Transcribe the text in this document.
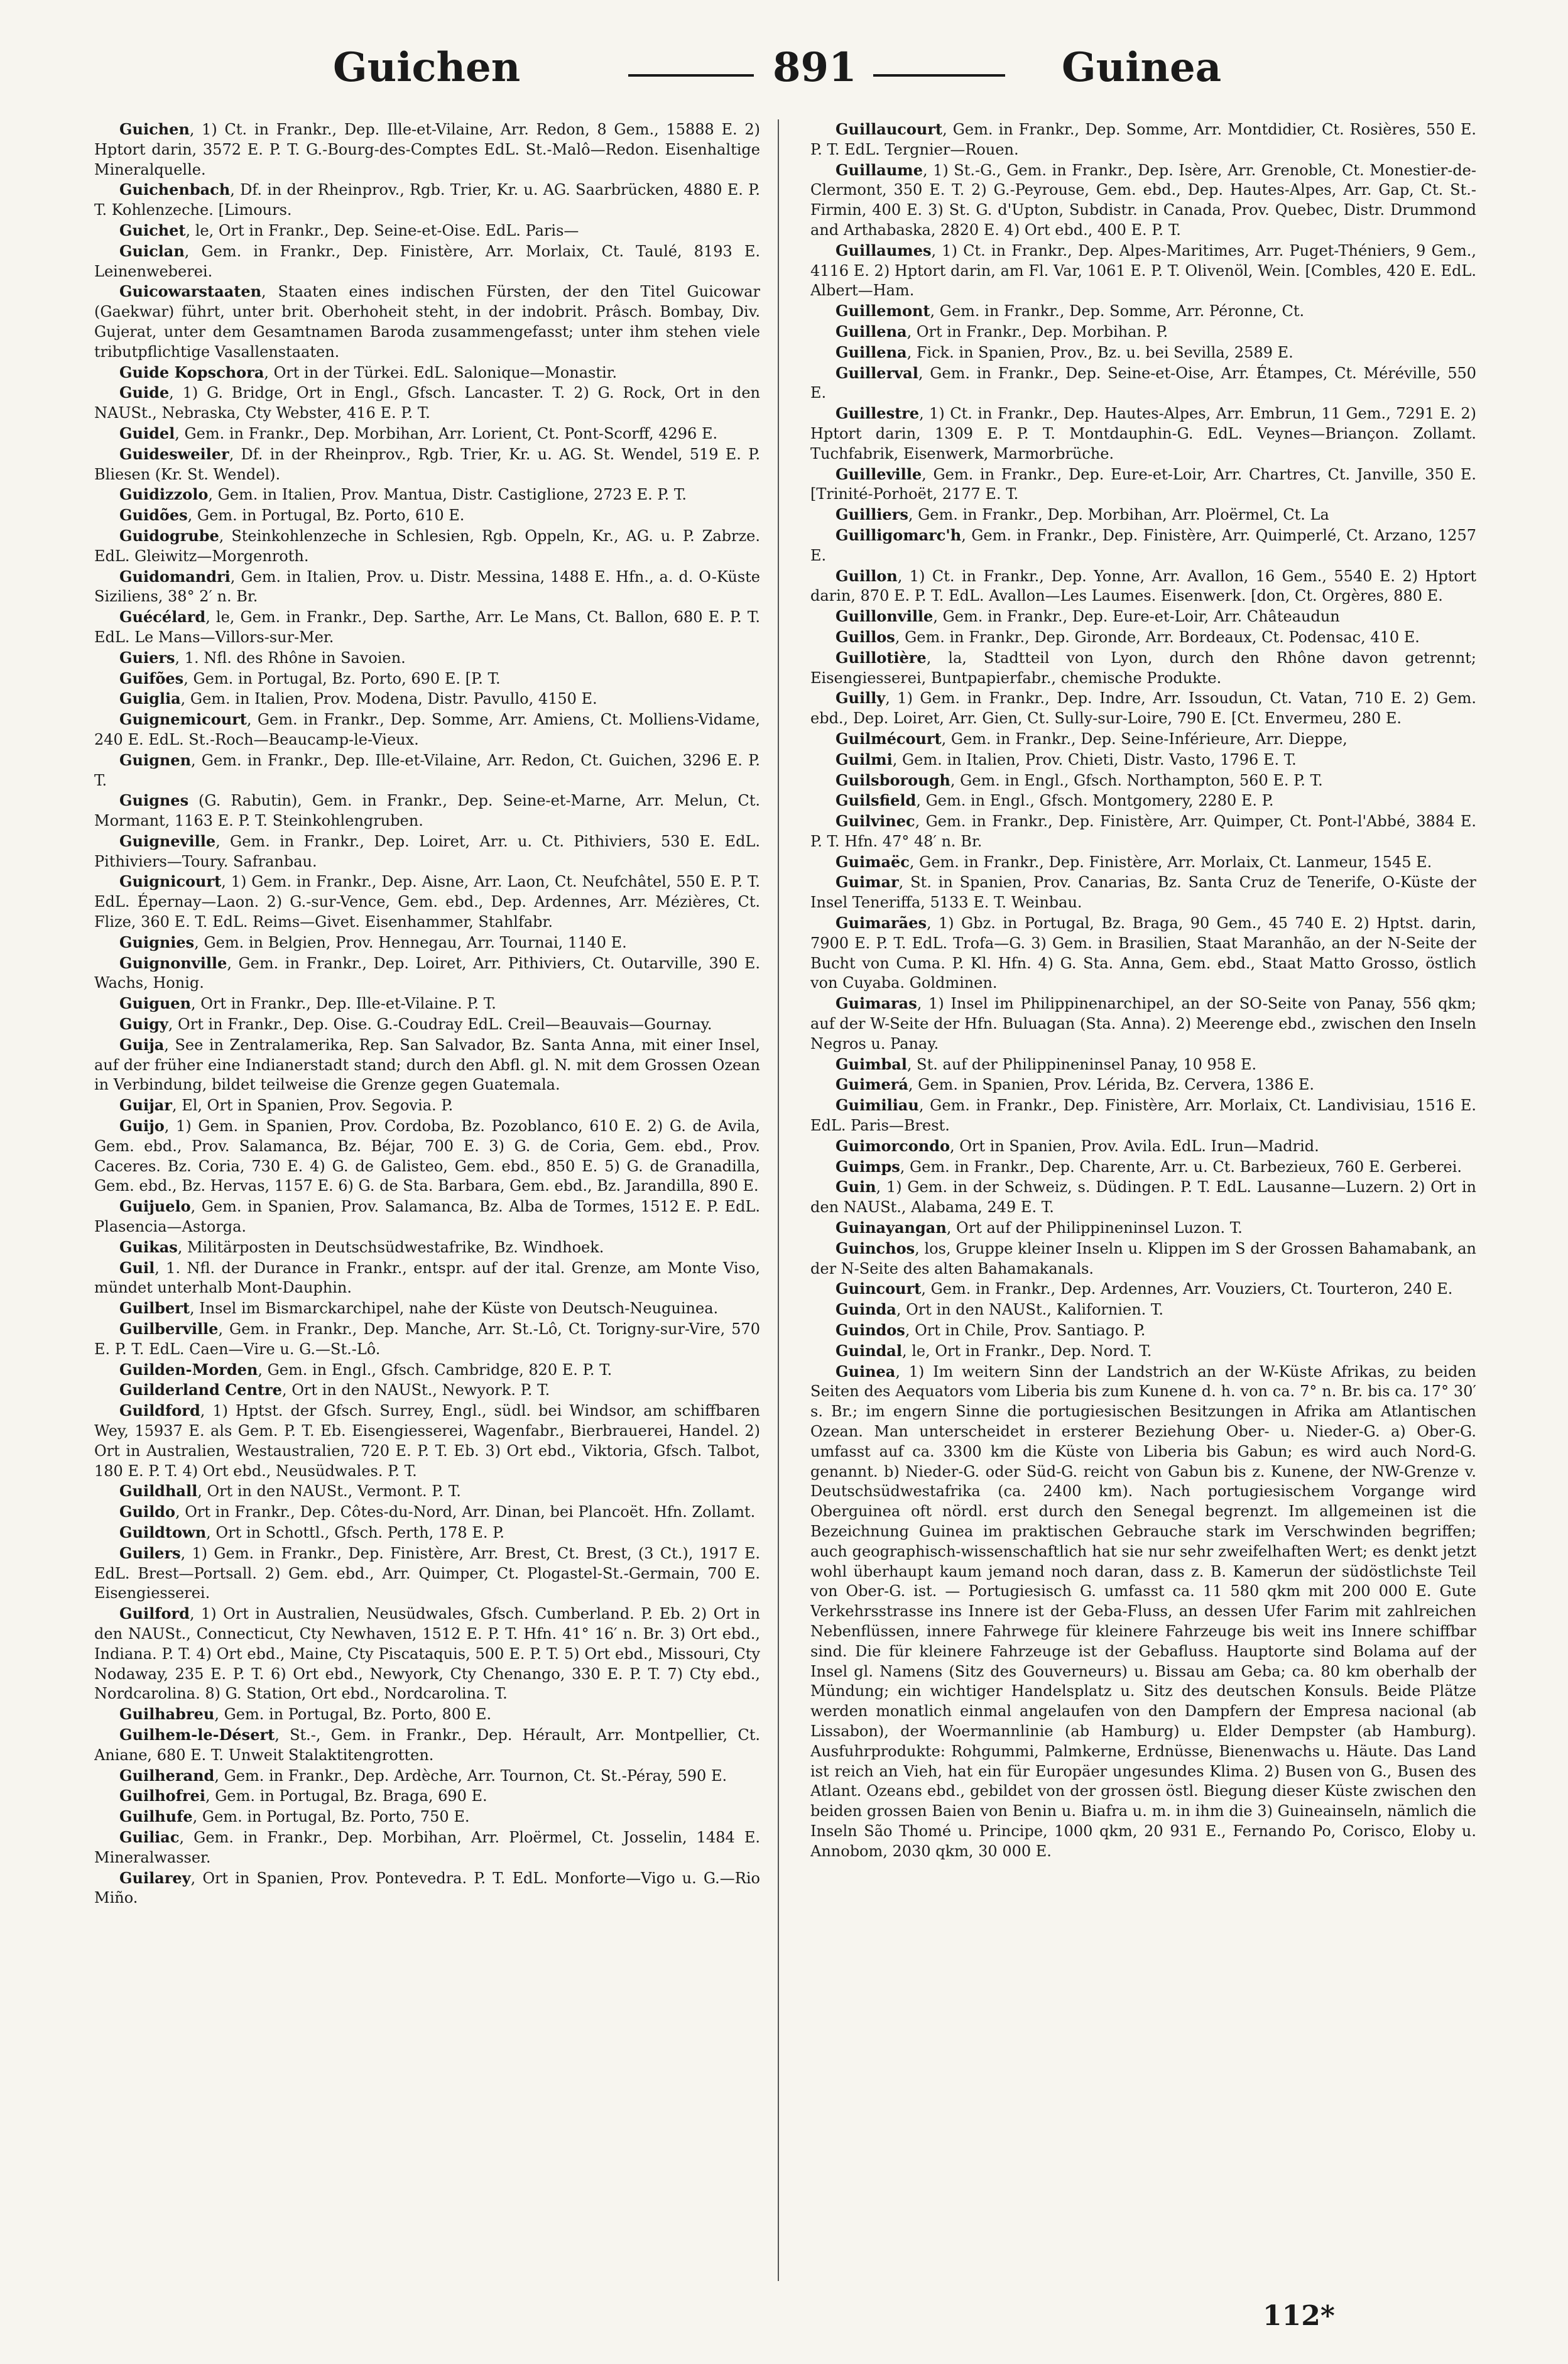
Guichen	891	Guinea

Guichen, 1) Ct. in Frankr., Dep. Ille-et-Vilaine, Arr. Redon, 8 Gem., 15888 E. 2) Hptort darin, 3572 E. P. T. G.-Bourg-des-Comptes EdL. St.-Malô—Redon. Eisenhaltige Mineralquelle.

Guichenbach, Df. in der Rheinprov., Rgb. Trier, Kr. u. AG. Saarbrücken, 4880 E. P. T. Kohlenzeche. [Limours.

Guichet, le, Ort in Frankr., Dep. Seine-et-Oise. EdL. Paris—

Guiclan, Gem. in Frankr., Dep. Finistère, Arr. Morlaix, Ct. Taulé, 8193 E. Leinenweberei.

Guicowarstaaten, Staaten eines indischen Fürsten, der den Titel Guicowar (Gaekwar) führt, unter brit. Oberhoheit steht, in der indobrit. Prâsch. Bombay, Div. Gujerat, unter dem Gesamtnamen Baroda zusammengefasst; unter ihm stehen viele tributpflichtige Vasallenstaaten.

Guide Kopschora, Ort in der Türkei. EdL. Salonique—Monastir.

Guide, 1) G. Bridge, Ort in Engl., Gfsch. Lancaster. T. 2) G. Rock, Ort in den NAUSt., Nebraska, Cty Webster, 416 E. P. T.

Guidel, Gem. in Frankr., Dep. Morbihan, Arr. Lorient, Ct. Pont-Scorff, 4296 E.

Guidesweiler, Df. in der Rheinprov., Rgb. Trier, Kr. u. AG. St. Wendel, 519 E. P. Bliesen (Kr. St. Wendel).

Guidizzolo, Gem. in Italien, Prov. Mantua, Distr. Castiglione, 2723 E. P. T.

Guidões, Gem. in Portugal, Bz. Porto, 610 E.

Guidogrube, Steinkohlenzeche in Schlesien, Rgb. Oppeln, Kr., AG. u. P. Zabrze. EdL. Gleiwitz—Morgenroth.

Guidomandri, Gem. in Italien, Prov. u. Distr. Messina, 1488 E. Hfn., a. d. O-Küste Siziliens, 38° 2′ n. Br.

Guécélard, le, Gem. in Frankr., Dep. Sarthe, Arr. Le Mans, Ct. Ballon, 680 E. P. T. EdL. Le Mans—Villors-sur-Mer.

Guiers, 1. Nfl. des Rhône in Savoien.

Guifões, Gem. in Portugal, Bz. Porto, 690 E. [P. T.

Guiglia, Gem. in Italien, Prov. Modena, Distr. Pavullo, 4150 E.

Guignemicourt, Gem. in Frankr., Dep. Somme, Arr. Amiens, Ct. Molliens-Vidame, 240 E. EdL. St.-Roch—Beaucamp-le-Vieux.

Guignen, Gem. in Frankr., Dep. Ille-et-Vilaine, Arr. Redon, Ct. Guichen, 3296 E. P. T.

Guignes (G. Rabutin), Gem. in Frankr., Dep. Seine-et-Marne, Arr. Melun, Ct. Mormant, 1163 E. P. T. Steinkohlengruben.

Guigneville, Gem. in Frankr., Dep. Loiret, Arr. u. Ct. Pithiviers, 530 E. EdL. Pithiviers—Toury. Safranbau.

Guignicourt, 1) Gem. in Frankr., Dep. Aisne, Arr. Laon, Ct. Neufchâtel, 550 E. P. T. EdL. Épernay—Laon. 2) G.-sur-Vence, Gem. ebd., Dep. Ardennes, Arr. Mézières, Ct. Flize, 360 E. T. EdL. Reims—Givet. Eisenhammer, Stahlfabr.

Guignies, Gem. in Belgien, Prov. Hennegau, Arr. Tournai, 1140 E.

Guignonville, Gem. in Frankr., Dep. Loiret, Arr. Pithiviers, Ct. Outarville, 390 E. Wachs, Honig.

Guiguen, Ort in Frankr., Dep. Ille-et-Vilaine. P. T.

Guigy, Ort in Frankr., Dep. Oise. G.-Coudray EdL. Creil—Beauvais—Gournay.

Guija, See in Zentralamerika, Rep. San Salvador, Bz. Santa Anna, mit einer Insel, auf der früher eine Indianerstadt stand; durch den Abfl. gl. N. mit dem Grossen Ozean in Verbindung, bildet teilweise die Grenze gegen Guatemala.

Guijar, El, Ort in Spanien, Prov. Segovia. P.

Guijo, 1) Gem. in Spanien, Prov. Cordoba, Bz. Pozoblanco, 610 E. 2) G. de Avila, Gem. ebd., Prov. Salamanca, Bz. Béjar, 700 E. 3) G. de Coria, Gem. ebd., Prov. Caceres. Bz. Coria, 730 E. 4) G. de Galisteo, Gem. ebd., 850 E. 5) G. de Granadilla, Gem. ebd., Bz. Hervas, 1157 E. 6) G. de Sta. Barbara, Gem. ebd., Bz. Jarandilla, 890 E.

Guijuelo, Gem. in Spanien, Prov. Salamanca, Bz. Alba de Tormes, 1512 E. P. EdL. Plasencia—Astorga.

Guikas, Militärposten in Deutschsüdwestafrike, Bz. Windhoek.

Guil, 1. Nfl. der Durance in Frankr., entspr. auf der ital. Grenze, am Monte Viso, mündet unterhalb Mont-Dauphin.

Guilbert, Insel im Bismarckarchipel, nahe der Küste von Deutsch-Neuguinea.

Guilberville, Gem. in Frankr., Dep. Manche, Arr. St.-Lô, Ct. Torigny-sur-Vire, 570 E. P. T. EdL. Caen—Vire u. G.—St.-Lô.

Guilden-Morden, Gem. in Engl., Gfsch. Cambridge, 820 E. P. T.

Guilderland Centre, Ort in den NAUSt., Newyork. P. T.

Guildford, 1) Hptst. der Gfsch. Surrey, Engl., südl. bei Windsor, am schiffbaren Wey, 15937 E. als Gem. P. T. Eb. Eisengiesserei, Wagenfabr., Bierbrauerei, Handel. 2) Ort in Australien, Westaustralien, 720 E. P. T. Eb. 3) Ort ebd., Viktoria, Gfsch. Talbot, 180 E. P. T. 4) Ort ebd., Neusüdwales. P. T.

Guildhall, Ort in den NAUSt., Vermont. P. T.

Guildo, Ort in Frankr., Dep. Côtes-du-Nord, Arr. Dinan, bei Plancoët. Hfn. Zollamt.

Guildtown, Ort in Schottl., Gfsch. Perth, 178 E. P.

Guilers, 1) Gem. in Frankr., Dep. Finistère, Arr. Brest, Ct. Brest, (3 Ct.), 1917 E. EdL. Brest—Portsall. 2) Gem. ebd., Arr. Quimper, Ct. Plogastel-St.-Germain, 700 E. Eisengiesserei.

Guilford, 1) Ort in Australien, Neusüdwales, Gfsch. Cumberland. P. Eb. 2) Ort in den NAUSt., Connecticut, Cty Newhaven, 1512 E. P. T. Hfn. 41° 16′ n. Br. 3) Ort ebd., Indiana. P. T. 4) Ort ebd., Maine, Cty Piscataquis, 500 E. P. T. 5) Ort ebd., Missouri, Cty Nodaway, 235 E. P. T. 6) Ort ebd., Newyork, Cty Chenango, 330 E. P. T. 7) Cty ebd., Nordcarolina. 8) G. Station, Ort ebd., Nordcarolina. T.

Guilhabreu, Gem. in Portugal, Bz. Porto, 800 E.

Guilhem-le-Désert, St.-, Gem. in Frankr., Dep. Hérault, Arr. Montpellier, Ct. Aniane, 680 E. T. Unweit Stalaktitengrotten.

Guilherand, Gem. in Frankr., Dep. Ardèche, Arr. Tournon, Ct. St.-Péray, 590 E.

Guilhofrei, Gem. in Portugal, Bz. Braga, 690 E.

Guilhufe, Gem. in Portugal, Bz. Porto, 750 E.

Guiliac, Gem. in Frankr., Dep. Morbihan, Arr. Ploërmel, Ct. Josselin, 1484 E. Mineralwasser.

Guilarey, Ort in Spanien, Prov. Pontevedra. P. T. EdL. Monforte—Vigo u. G.—Rio Miño.

Guillaucourt, Gem. in Frankr., Dep. Somme, Arr. Montdidier, Ct. Rosières, 550 E. P. T. EdL. Tergnier—Rouen.

Guillaume, 1) St.-G., Gem. in Frankr., Dep. Isère, Arr. Grenoble, Ct. Monestier-de-Clermont, 350 E. T. 2) G.-Peyrouse, Gem. ebd., Dep. Hautes-Alpes, Arr. Gap, Ct. St.-Firmin, 400 E. 3) St. G. d'Upton, Subdistr. in Canada, Prov. Quebec, Distr. Drummond and Arthabaska, 2820 E. 4) Ort ebd., 400 E. P. T.

Guillaumes, 1) Ct. in Frankr., Dep. Alpes-Maritimes, Arr. Puget-Théniers, 9 Gem., 4116 E. 2) Hptort darin, am Fl. Var, 1061 E. P. T. Olivenöl, Wein. [Combles, 420 E. EdL. Albert—Ham.

Guillemont, Gem. in Frankr., Dep. Somme, Arr. Péronne, Ct.

Guillena, Ort in Frankr., Dep. Morbihan. P.

Guillena, Fick. in Spanien, Prov., Bz. u. bei Sevilla, 2589 E.

Guillerval, Gem. in Frankr., Dep. Seine-et-Oise, Arr. Étampes, Ct. Méréville, 550 E.

Guillestre, 1) Ct. in Frankr., Dep. Hautes-Alpes, Arr. Embrun, 11 Gem., 7291 E. 2) Hptort darin, 1309 E. P. T. Montdauphin-G. EdL. Veynes—Briançon. Zollamt. Tuchfabrik, Eisenwerk, Marmorbrüche.

Guilleville, Gem. in Frankr., Dep. Eure-et-Loir, Arr. Chartres, Ct. Janville, 350 E. [Trinité-Porhoët, 2177 E. T.

Guilliers, Gem. in Frankr., Dep. Morbihan, Arr. Ploërmel, Ct. La

Guilligomarc'h, Gem. in Frankr., Dep. Finistère, Arr. Quimperlé, Ct. Arzano, 1257 E.

Guillon, 1) Ct. in Frankr., Dep. Yonne, Arr. Avallon, 16 Gem., 5540 E. 2) Hptort darin, 870 E. P. T. EdL. Avallon—Les Laumes. Eisenwerk. [don, Ct. Orgères, 880 E.

Guillonville, Gem. in Frankr., Dep. Eure-et-Loir, Arr. Châteaudun

Guillos, Gem. in Frankr., Dep. Gironde, Arr. Bordeaux, Ct. Podensac, 410 E.

Guillotière, la, Stadtteil von Lyon, durch den Rhône davon getrennt; Eisengiesserei, Buntpapierfabr., chemische Produkte.

Guilly, 1) Gem. in Frankr., Dep. Indre, Arr. Issoudun, Ct. Vatan, 710 E. 2) Gem. ebd., Dep. Loiret, Arr. Gien, Ct. Sully-sur-Loire, 790 E. [Ct. Envermeu, 280 E.

Guilmécourt, Gem. in Frankr., Dep. Seine-Inférieure, Arr. Dieppe,

Guilmi, Gem. in Italien, Prov. Chieti, Distr. Vasto, 1796 E. T.

Guilsborough, Gem. in Engl., Gfsch. Northampton, 560 E. P. T.

Guilsfield, Gem. in Engl., Gfsch. Montgomery, 2280 E. P.

Guilvinec, Gem. in Frankr., Dep. Finistère, Arr. Quimper, Ct. Pont-l'Abbé, 3884 E. P. T. Hfn. 47° 48′ n. Br.

Guimaëc, Gem. in Frankr., Dep. Finistère, Arr. Morlaix, Ct. Lanmeur, 1545 E.

Guimar, St. in Spanien, Prov. Canarias, Bz. Santa Cruz de Tenerife, O-Küste der Insel Teneriffa, 5133 E. T. Weinbau.

Guimarães, 1) Gbz. in Portugal, Bz. Braga, 90 Gem., 45 740 E. 2) Hptst. darin, 7900 E. P. T. EdL. Trofa—G. 3) Gem. in Brasilien, Staat Maranhão, an der N-Seite der Bucht von Cuma. P. Kl. Hfn. 4) G. Sta. Anna, Gem. ebd., Staat Matto Grosso, östlich von Cuyaba. Goldminen.

Guimaras, 1) Insel im Philippinenarchipel, an der SO-Seite von Panay, 556 qkm; auf der W-Seite der Hfn. Buluagan (Sta. Anna). 2) Meerenge ebd., zwischen den Inseln Negros u. Panay.

Guimbal, St. auf der Philippineninsel Panay, 10 958 E.

Guimerá, Gem. in Spanien, Prov. Lérida, Bz. Cervera, 1386 E.

Guimiliau, Gem. in Frankr., Dep. Finistère, Arr. Morlaix, Ct. Landivisiau, 1516 E. EdL. Paris—Brest.

Guimorcondo, Ort in Spanien, Prov. Avila. EdL. Irun—Madrid.

Guimps, Gem. in Frankr., Dep. Charente, Arr. u. Ct. Barbezieux, 760 E. Gerberei.

Guin, 1) Gem. in der Schweiz, s. Düdingen. P. T. EdL. Lausanne—Luzern. 2) Ort in den NAUSt., Alabama, 249 E. T.

Guinayangan, Ort auf der Philippineninsel Luzon. T.

Guinchos, los, Gruppe kleiner Inseln u. Klippen im S der Grossen Bahamabank, an der N-Seite des alten Bahamakanals.

Guincourt, Gem. in Frankr., Dep. Ardennes, Arr. Vouziers, Ct. Tourteron, 240 E.

Guinda, Ort in den NAUSt., Kalifornien. T.

Guindos, Ort in Chile, Prov. Santiago. P.

Guindal, le, Ort in Frankr., Dep. Nord. T.

Guinea, 1) Im weitern Sinn der Landstrich an der W-Küste Afrikas, zu beiden Seiten des Aequators vom Liberia bis zum Kunene d. h. von ca. 7° n. Br. bis ca. 17° 30′ s. Br.; im engern Sinne die portugiesischen Besitzungen in Afrika am Atlantischen Ozean. Man unterscheidet in ersterer Beziehung Ober- u. Nieder-G. a) Ober-G. umfasst auf ca. 3300 km die Küste von Liberia bis Gabun; es wird auch Nord-G. genannt. b) Nieder-G. oder Süd-G. reicht von Gabun bis z. Kunene, der NW-Grenze v. Deutschsüdwestafrika (ca. 2400 km). Nach portugiesischem Vorgange wird Oberguinea oft nördl. erst durch den Senegal begrenzt. Im allgemeinen ist die Bezeichnung Guinea im praktischen Gebrauche stark im Verschwinden begriffen; auch geographisch-wissenschaftlich hat sie nur sehr zweifelhaften Wert; es denkt jetzt wohl überhaupt kaum jemand noch daran, dass z. B. Kamerun der südöstlichste Teil von Ober-G. ist. — Portugiesisch G. umfasst ca. 11 580 qkm mit 200 000 E. Gute Verkehrsstrasse ins Innere ist der Geba-Fluss, an dessen Ufer Farim mit zahlreichen Nebenflüssen, innere Fahrwege für kleinere Fahrzeuge bis weit ins Innere schiffbar sind. Die für kleinere Fahrzeuge ist der Gebafluss. Hauptorte sind Bolama auf der Insel gl. Namens (Sitz des Gouverneurs) u. Bissau am Geba; ca. 80 km oberhalb der Mündung; ein wichtiger Handelsplatz u. Sitz des deutschen Konsuls. Beide Plätze werden monatlich einmal angelaufen von den Dampfern der Empresa nacional (ab Lissabon), der Woermannlinie (ab Hamburg) u. Elder Dempster (ab Hamburg). Ausfuhrprodukte: Rohgummi, Palmkerne, Erdnüsse, Bienenwachs u. Häute. Das Land ist reich an Vieh, hat ein für Europäer ungesundes Klima. 2) Busen von G., Busen des Atlant. Ozeans ebd., gebildet von der grossen östl. Biegung dieser Küste zwischen den beiden grossen Baien von Benin u. Biafra u. m. in ihm die 3) Guineainseln, nämlich die Inseln São Thomé u. Principe, 1000 qkm, 20 931 E., Fernando Po, Corisco, Eloby u. Annobom, 2030 qkm, 30 000 E.

112*
